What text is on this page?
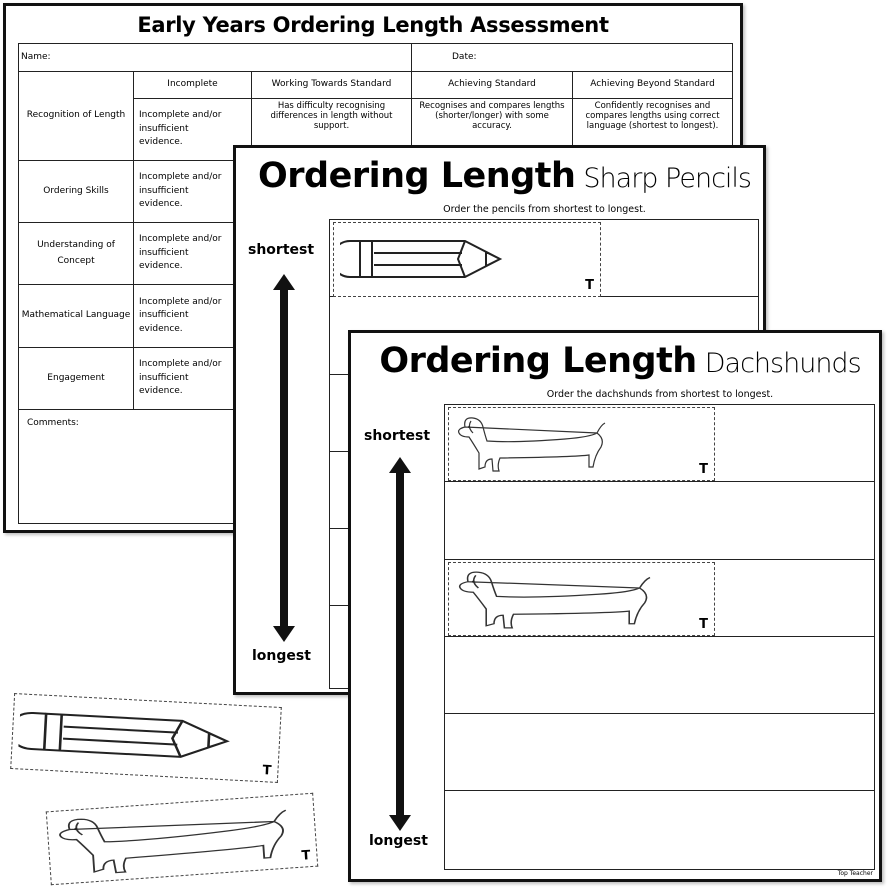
Early Years Ordering Length Assessment
Name:			Date:	
Recognition of Length	Incomplete	Working Towards Standard	Achieving Standard	Achieving Beyond Standard
	Incomplete and/or insufficient evidence.	Has difficulty recognising differences in length without support.	Recognises and compares lengths (shorter/longer) with some accuracy.	Confidently recognises and compares lengths using correct language (shortest to longest).
Ordering Skills	Incomplete and/or insufficient evidence.			
Understanding of Concept	Incomplete and/or insufficient evidence.			
Mathematical Language	Incomplete and/or insufficient evidence.			
Engagement	Incomplete and/or insufficient evidence.			
Comments:				
Ordering Length Sharp Pencils
Order the pencils from shortest to longest.
shortest
longest
T
Ordering Length Dachshunds
Order the dachshunds from shortest to longest.
shortest
longest
T
T
Top Teacher
T
T
